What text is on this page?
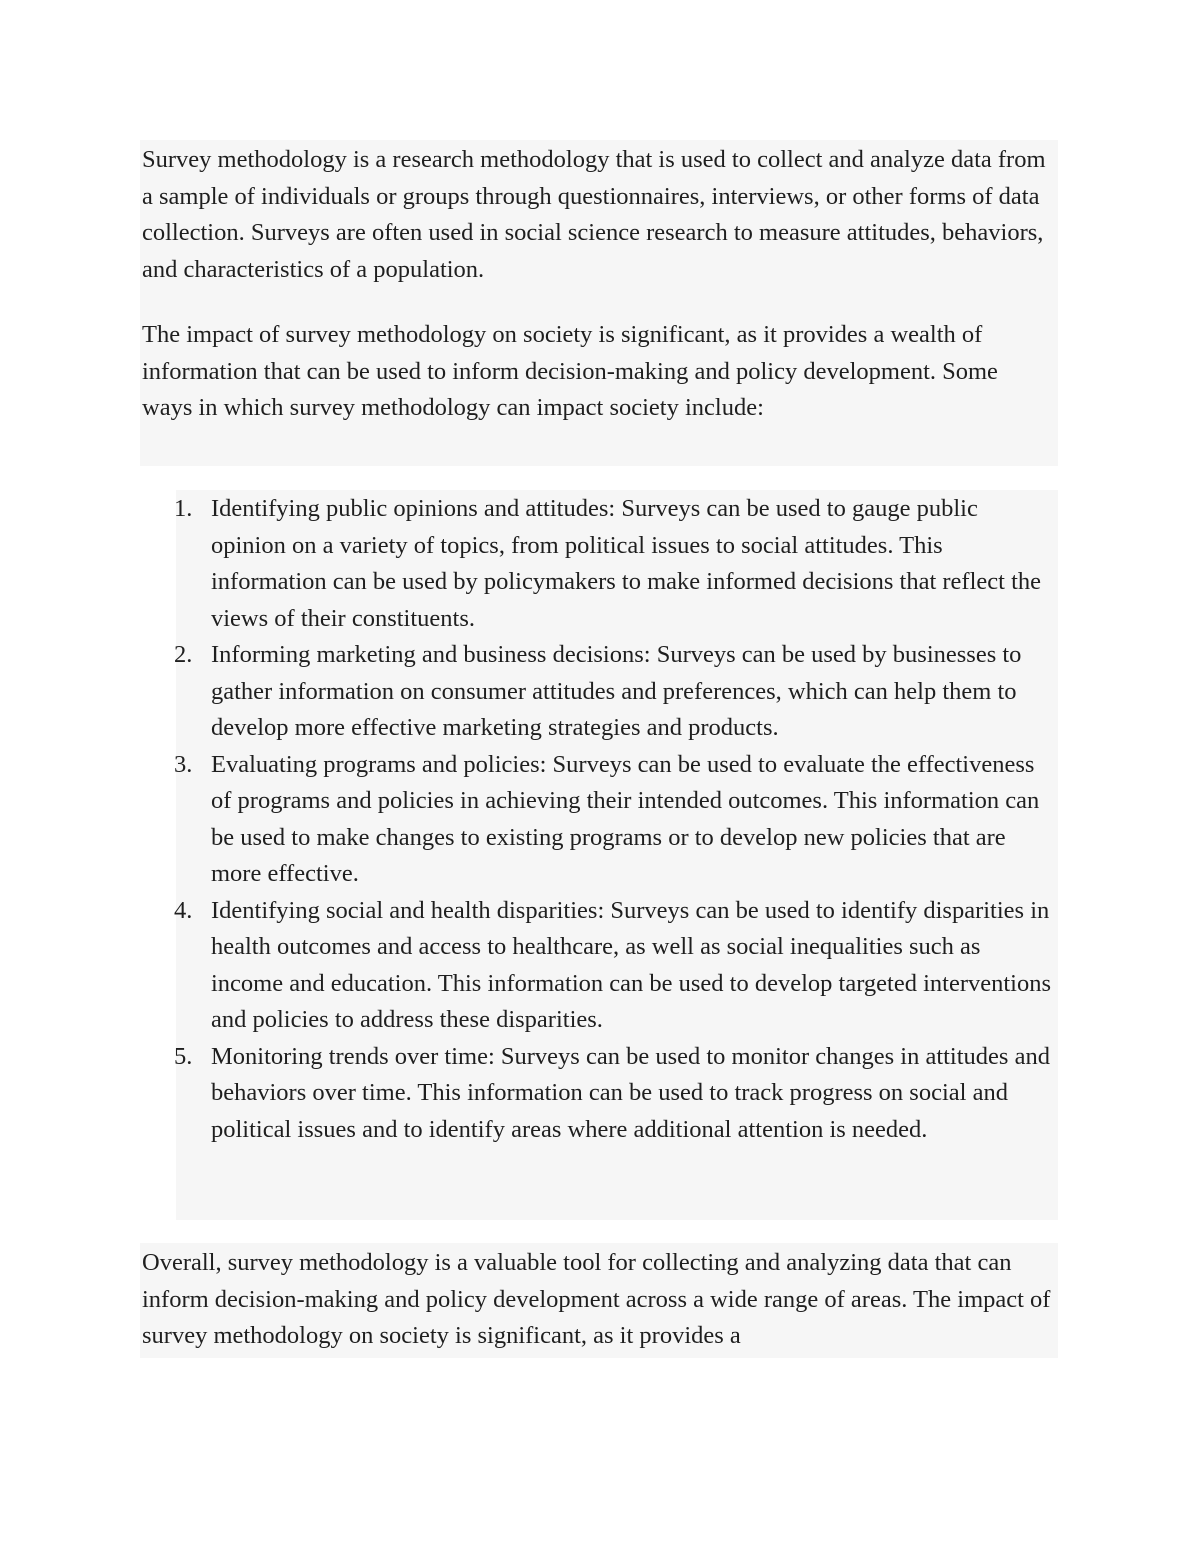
Survey methodology is a research methodology that is used to collect and analyze data from a sample of individuals or groups through questionnaires, interviews, or other forms of data collection. Surveys are often used in social science research to measure attitudes, behaviors, and characteristics of a population.

The impact of survey methodology on society is significant, as it provides a wealth of information that can be used to inform decision-making and policy development. Some ways in which survey methodology can impact society include:

1. Identifying public opinions and attitudes: Surveys can be used to gauge public opinion on a variety of topics, from political issues to social attitudes. This information can be used by policymakers to make informed decisions that reflect the views of their constituents.
2. Informing marketing and business decisions: Surveys can be used by businesses to gather information on consumer attitudes and preferences, which can help them to develop more effective marketing strategies and products.
3. Evaluating programs and policies: Surveys can be used to evaluate the effectiveness of programs and policies in achieving their intended outcomes. This information can be used to make changes to existing programs or to develop new policies that are more effective.
4. Identifying social and health disparities: Surveys can be used to identify disparities in health outcomes and access to healthcare, as well as social inequalities such as income and education. This information can be used to develop targeted interventions and policies to address these disparities.
5. Monitoring trends over time: Surveys can be used to monitor changes in attitudes and behaviors over time. This information can be used to track progress on social and political issues and to identify areas where additional attention is needed.

Overall, survey methodology is a valuable tool for collecting and analyzing data that can inform decision-making and policy development across a wide range of areas. The impact of survey methodology on society is significant, as it provides a
